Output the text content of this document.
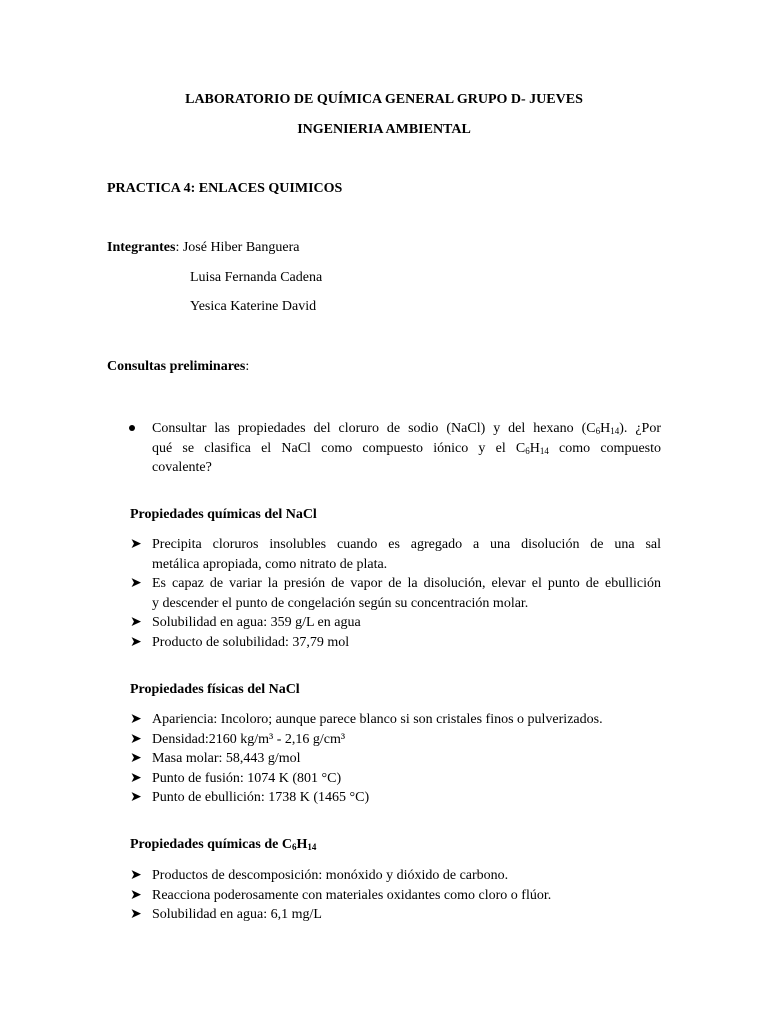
LABORATORIO DE QUÍMICA GENERAL GRUPO D- JUEVES
INGENIERIA AMBIENTAL
PRACTICA 4: ENLACES QUIMICOS
Integrantes: José Hiber Banguera
Luisa Fernanda Cadena
Yesica Katerine David
Consultas preliminares:
Consultar las propiedades del cloruro de sodio (NaCl) y del hexano $(C_6H_{14})$. ¿Por
qué se clasifica el NaCl como compuesto iónico y el $C_6H_{14}$ como compuesto
covalente?
Propiedades químicas del NaCl
➤ Precipita cloruros insolubles cuando es agregado a una disolución de una sal
metálica apropiada, como nitrato de plata.
➤ Es capaz de variar la presión de vapor de la disolución, elevar el punto de ebullición
y descender el punto de congelación según su concentración molar.
➤ Solubilidad en agua: 359 g/L en agua
➤ Producto de solubilidad: 37,79 mol
Propiedades físicas del NaCl
➤ Apariencia: Incoloro; aunque parece blanco si son cristales finos o pulverizados.
➤ Densidad:2160 kg/m³ - 2,16 g/cm³
➤ Masa molar: 58,443 g/mol
➤ Punto de fusión: 1074 K (801 °C)
➤ Punto de ebullición: 1738 K (1465 °C)
Propiedades químicas de $C_6H_{14}$
➤ Productos de descomposición: monóxido y dióxido de carbono.
➤ Reacciona poderosamente con materiales oxidantes como cloro o flúor.
➤ Solubilidad en agua: 6,1 mg/L
